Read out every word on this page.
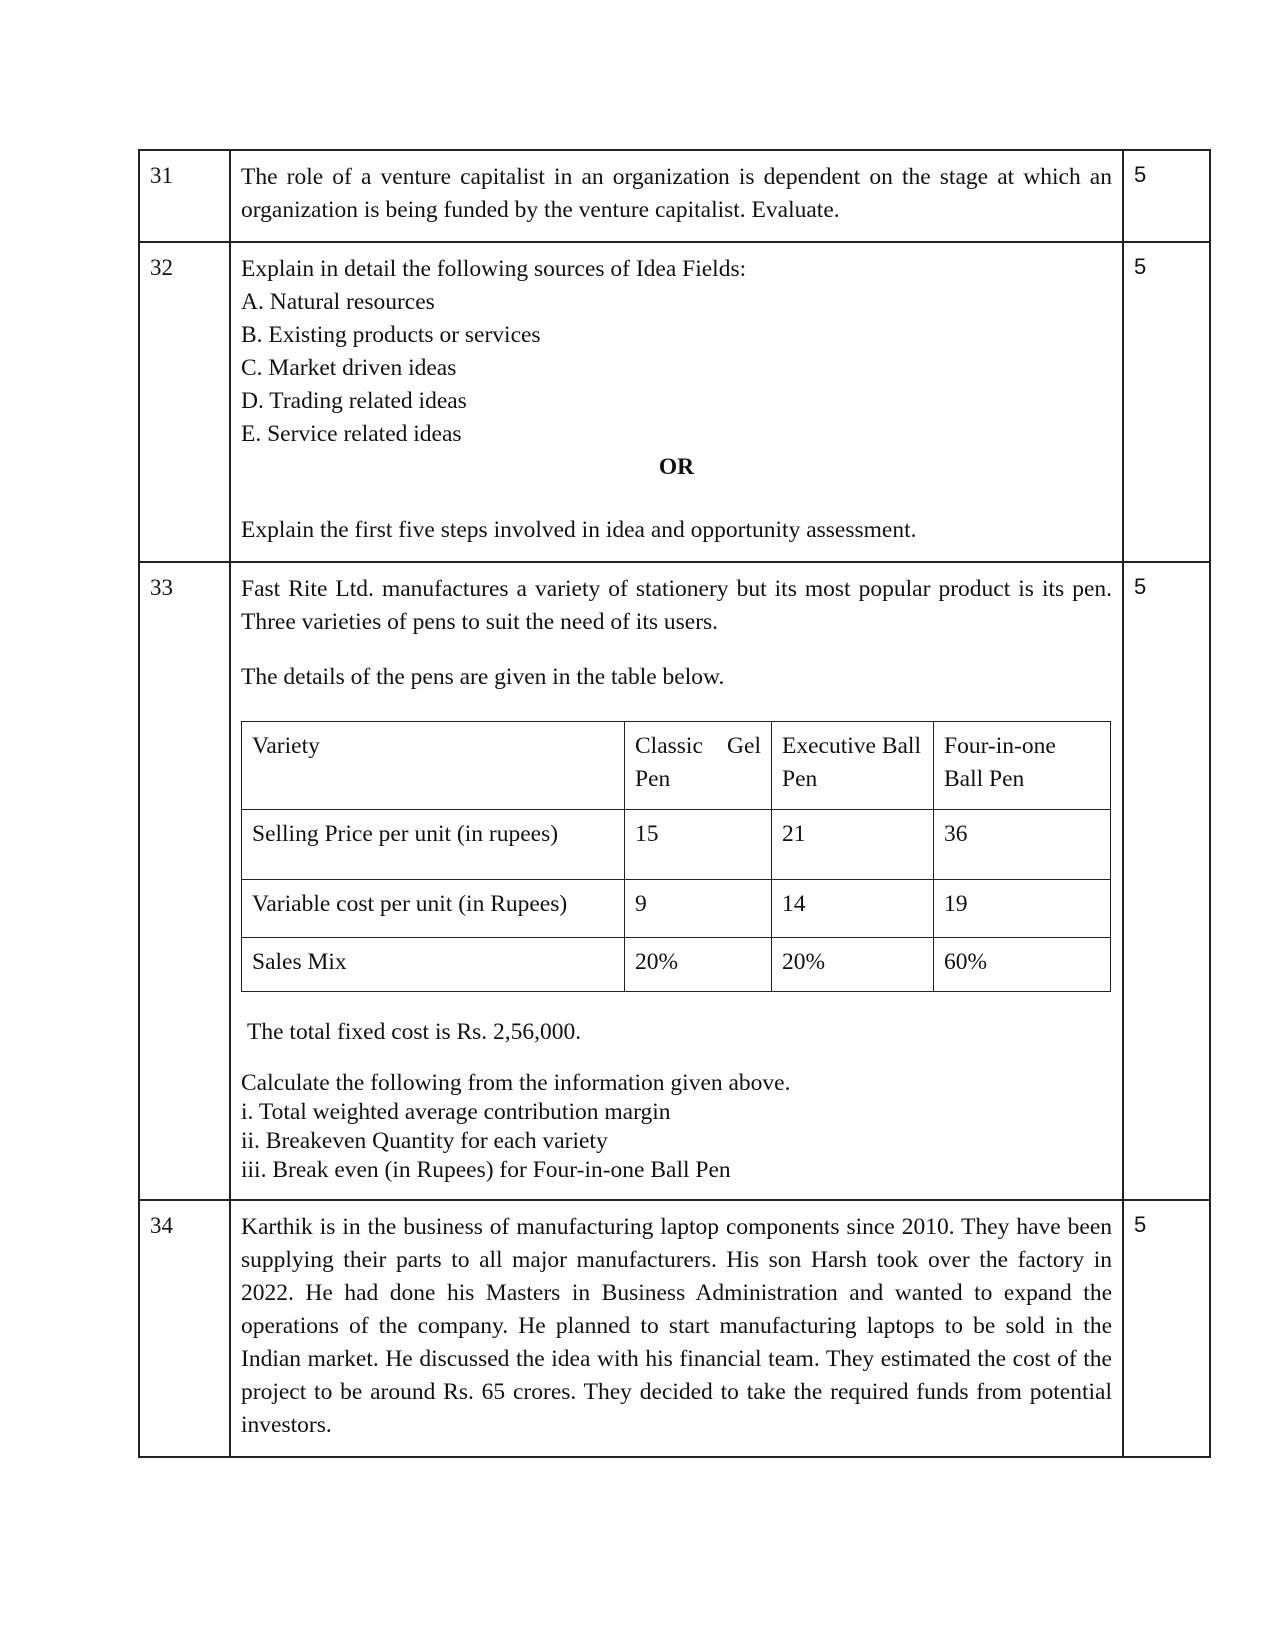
31	The role of a venture capitalist in an organization is dependent on the stage at which an organization is being funded by the venture capitalist. Evaluate.

	5
32	Explain in detail the following sources of Idea Fields:

A. Natural resources

B. Existing products or services

C. Market driven ideas

D. Trading related ideas

E. Service related ideas

OR

Explain the first five steps involved in idea and opportunity assessment.

	5
33	Fast Rite Ltd. manufactures a variety of stationery but its most popular product is its pen. Three varieties of pens to suit the need of its users.

The details of the pens are given in the table below.

Variety	Classic Gel Pen	Executive Ball Pen	Four-in-one Ball Pen
Selling Price per unit (in rupees)	15	21	36
Variable cost per unit (in Rupees)	9	14	19
Sales Mix	20%	20%	60%

The total fixed cost is Rs. 2,56,000.

Calculate the following from the information given above.

i. Total weighted average contribution margin

ii. Breakeven Quantity for each variety

iii. Break even (in Rupees) for Four-in-one Ball Pen

	5
34	Karthik is in the business of manufacturing laptop components since 2010. They have been supplying their parts to all major manufacturers. His son Harsh took over the factory in 2022. He had done his Masters in Business Administration and wanted to expand the operations of the company. He planned to start manufacturing laptops to be sold in the Indian market. He discussed the idea with his financial team. They estimated the cost of the project to be around Rs. 65 crores. They decided to take the required funds from potential investors.

	5
